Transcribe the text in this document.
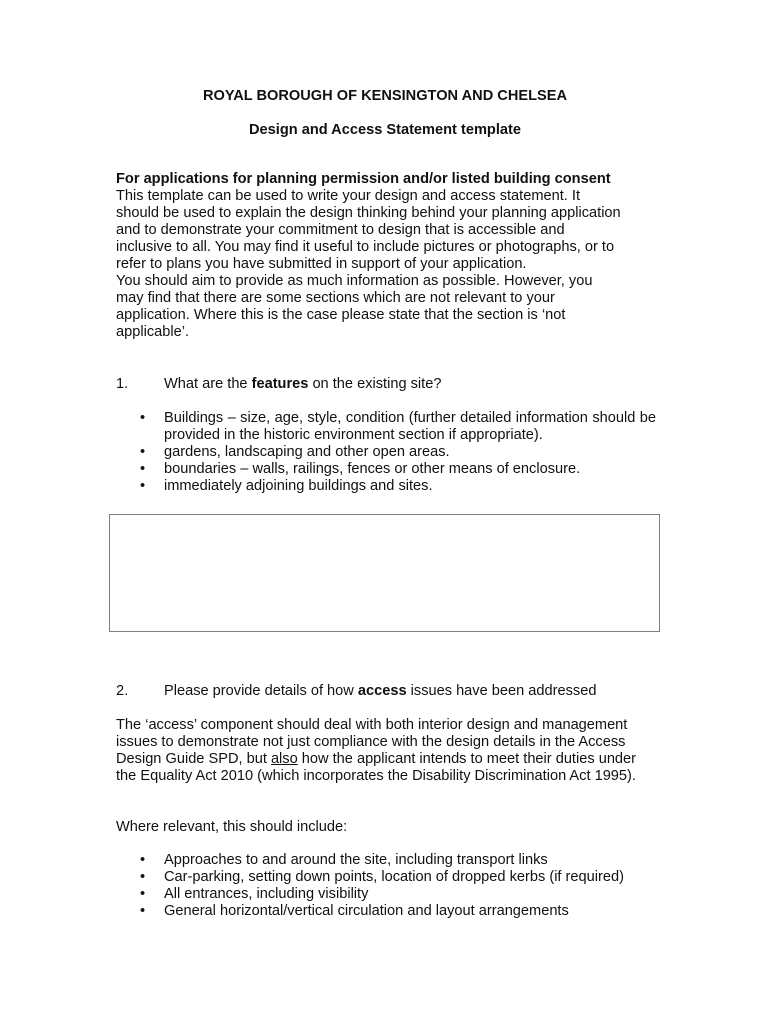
ROYAL BOROUGH OF KENSINGTON AND CHELSEA
Design and Access Statement template

For applications for planning permission and/or listed building consent

This template can be used to write your design and access statement. It

should be used to explain the design thinking behind your planning application

and to demonstrate your commitment to design that is accessible and

inclusive to all. You may find it useful to include pictures or photographs, or to

refer to plans you have submitted in support of your application.

You should aim to provide as much information as possible. However, you

may find that there are some sections which are not relevant to your

application. Where this is the case please state that the section is ‘not

applicable’.

1. What are the features on the existing site?
• Buildings – size, age, style, condition (further detailed information should be provided in the historic environment section if appropriate).
• gardens, landscaping and other open areas.
• boundaries – walls, railings, fences or other means of enclosure.
• immediately adjoining buildings and sites.
2. Please provide details of how access issues have been addressed

The ‘access’ component should deal with both interior design and management issues to demonstrate not just compliance with the design details in the Access Design Guide SPD, but also how the applicant intends to meet their duties under the Equality Act 2010 (which incorporates the Disability Discrimination Act 1995).

Where relevant, this should include:

• Approaches to and around the site, including transport links
• Car-parking, setting down points, location of dropped kerbs (if required)
• All entrances, including visibility
• General horizontal/vertical circulation and layout arrangements
